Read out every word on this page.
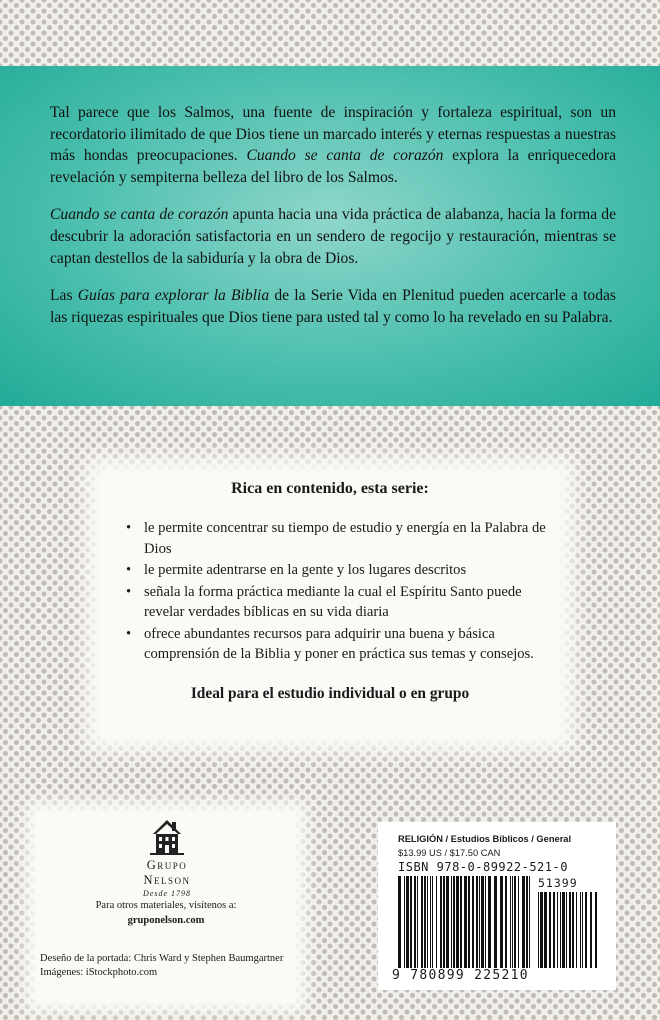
Tal parece que los Salmos, una fuente de inspiración y fortaleza espiritual, son un recordatorio ilimitado de que Dios tiene un marcado interés y eternas respuestas a nuestras más hondas preocupaciones. Cuando se canta de corazón explora la enriquecedora revelación y sempiterna belleza del libro de los Salmos.

Cuando se canta de corazón apunta hacia una vida práctica de alabanza, hacia la forma de descubrir la adoración satisfactoria en un sendero de regocijo y restauración, mientras se captan destellos de la sabiduría y la obra de Dios.

Las Guías para explorar la Biblia de la Serie Vida en Plenitud pueden acercarle a todas las riquezas espirituales que Dios tiene para usted tal y como lo ha revelado en su Palabra.

Rica en contenido, esta serie:
• le permite concentrar su tiempo de estudio y energía en la Palabra de Dios
• le permite adentrarse en la gente y los lugares descritos
• señala la forma práctica mediante la cual el Espíritu Santo puede revelar verdades bíblicas en su vida diaria
• ofrece abundantes recursos para adquirir una buena y básica comprensión de la Biblia y poner en práctica sus temas y consejos.
Ideal para el estudio individual o en grupo
Grupo Nelson
Desde 1798
Para otros materiales, visítenos a:
gruponelson.com
Deseño de la portada: Chris Ward y Stephen Baumgartner
Imágenes: iStockphoto.com
RELIGIÓN / Estudios Bíblicos / General
$13.99 US / $17.50 CAN
ISBN 978-0-89922-521-0
51399
9 780899 225210
